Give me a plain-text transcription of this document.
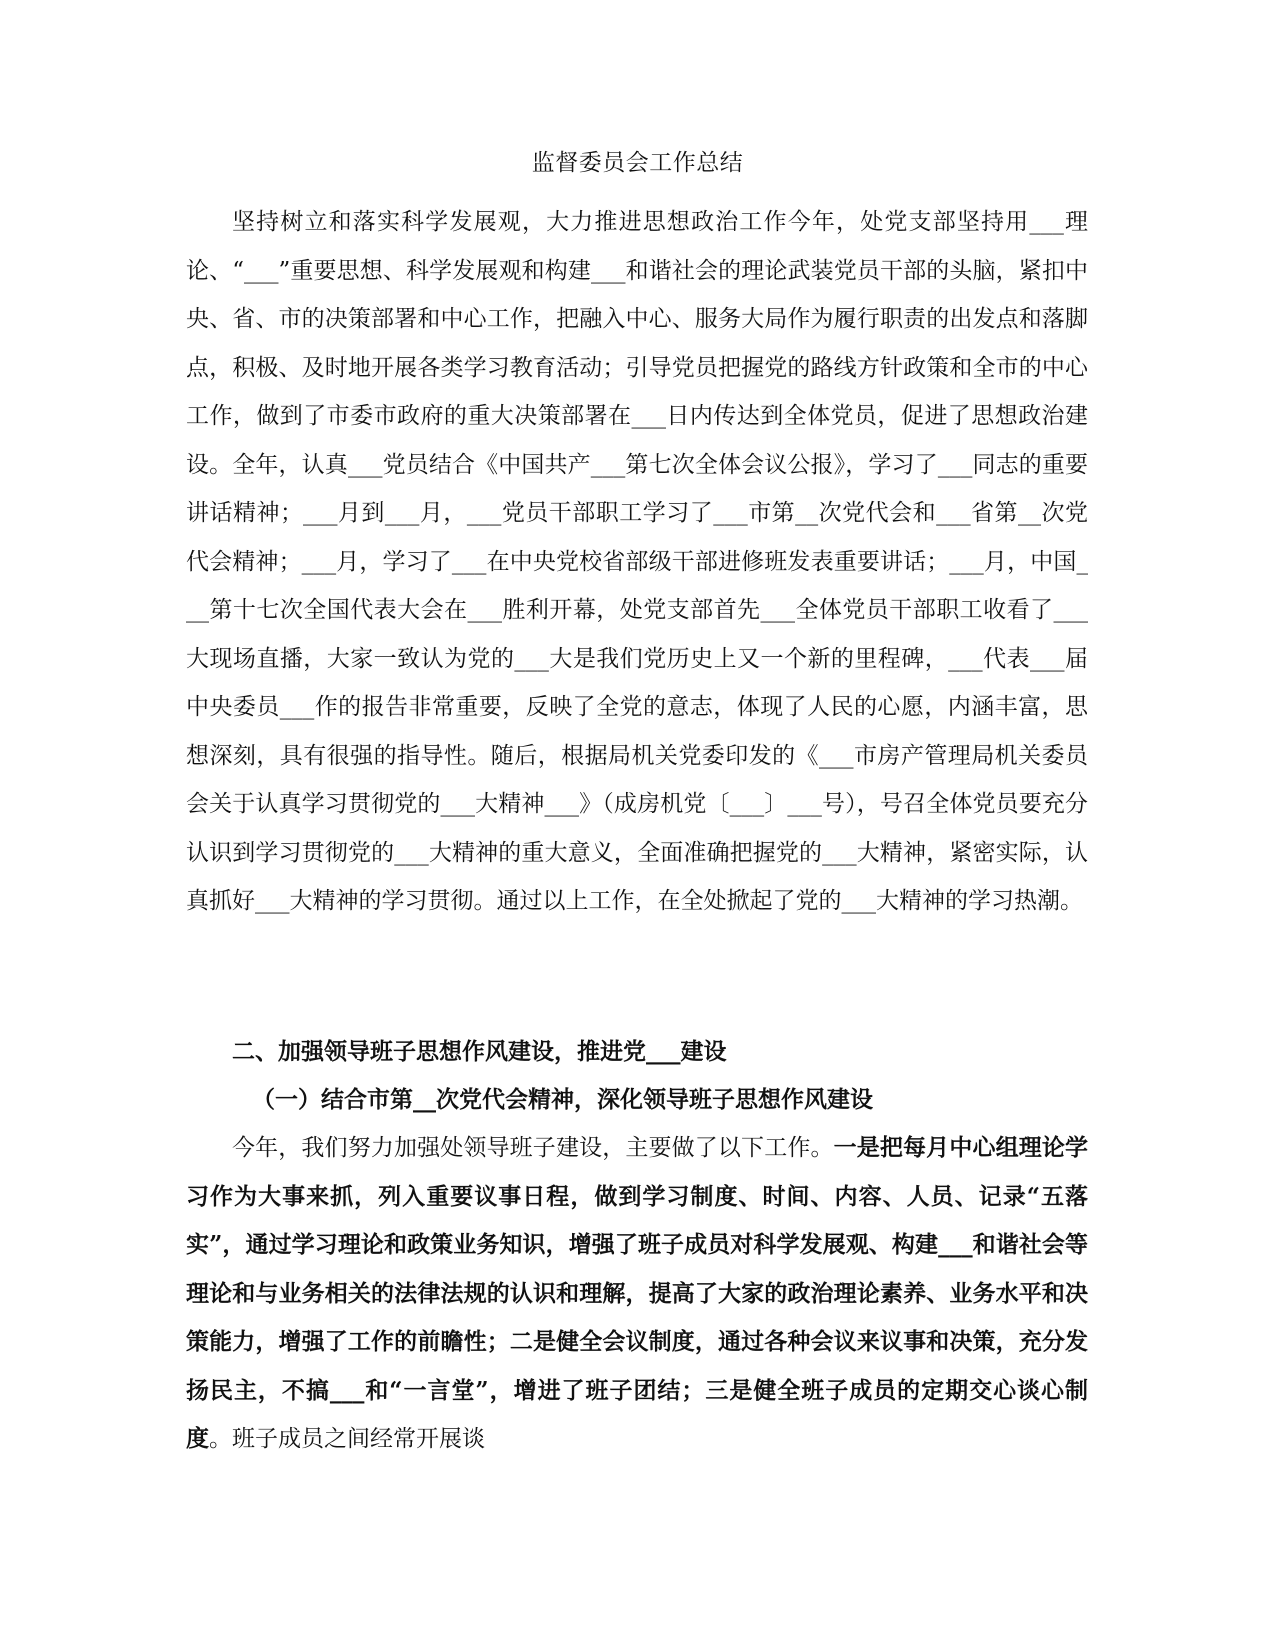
监督委员会工作总结

坚持树立和落实科学发展观，大力推进思想政治工作今年，处党支部坚持用___理论、“___”重要思想、科学发展观和构建___和谐社会的理论武装党员干部的头脑，紧扣中央、省、市的决策部署和中心工作，把融入中心、服务大局作为履行职责的出发点和落脚点，积极、及时地开展各类学习教育活动；引导党员把握党的路线方针政策和全市的中心工作，做到了市委市政府的重大决策部署在___日内传达到全体党员，促进了思想政治建设。全年，认真___党员结合《中国共产___第七次全体会议公报》，学习了___同志的重要讲话精神；___月到___月，___党员干部职工学习了___市第__次党代会和___省第__次党代会精神；___月，学习了___在中央党校省部级干部进修班发表重要讲话；___月，中国___第十七次全国代表大会在___胜利开幕，处党支部首先___全体党员干部职工收看了___大现场直播，大家一致认为党的___大是我们党历史上又一个新的里程碑，___代表___届中央委员___作的报告非常重要，反映了全党的意志，体现了人民的心愿，内涵丰富，思想深刻，具有很强的指导性。随后，根据局机关党委印发的《___市房产管理局机关委员会关于认真学习贯彻党的___大精神___》（成房机党〔___〕___号），号召全体党员要充分认识到学习贯彻党的___大精神的重大意义，全面准确把握党的___大精神，紧密实际，认真抓好___大精神的学习贯彻。通过以上工作，在全处掀起了党的___大精神的学习热潮。

二、加强领导班子思想作风建设，推进党___建设

（一）结合市第__次党代会精神，深化领导班子思想作风建设

今年，我们努力加强处领导班子建设，主要做了以下工作。一是把每月中心组理论学习作为大事来抓，列入重要议事日程，做到学习制度、时间、内容、人员、记录“五落实”，通过学习理论和政策业务知识，增强了班子成员对科学发展观、构建___和谐社会等理论和与业务相关的法律法规的认识和理解，提高了大家的政治理论素养、业务水平和决策能力，增强了工作的前瞻性；二是健全会议制度，通过各种会议来议事和决策，充分发扬民主，不搞___和“一言堂”，增进了班子团结；三是健全班子成员的定期交心谈心制度。班子成员之间经常开展谈
